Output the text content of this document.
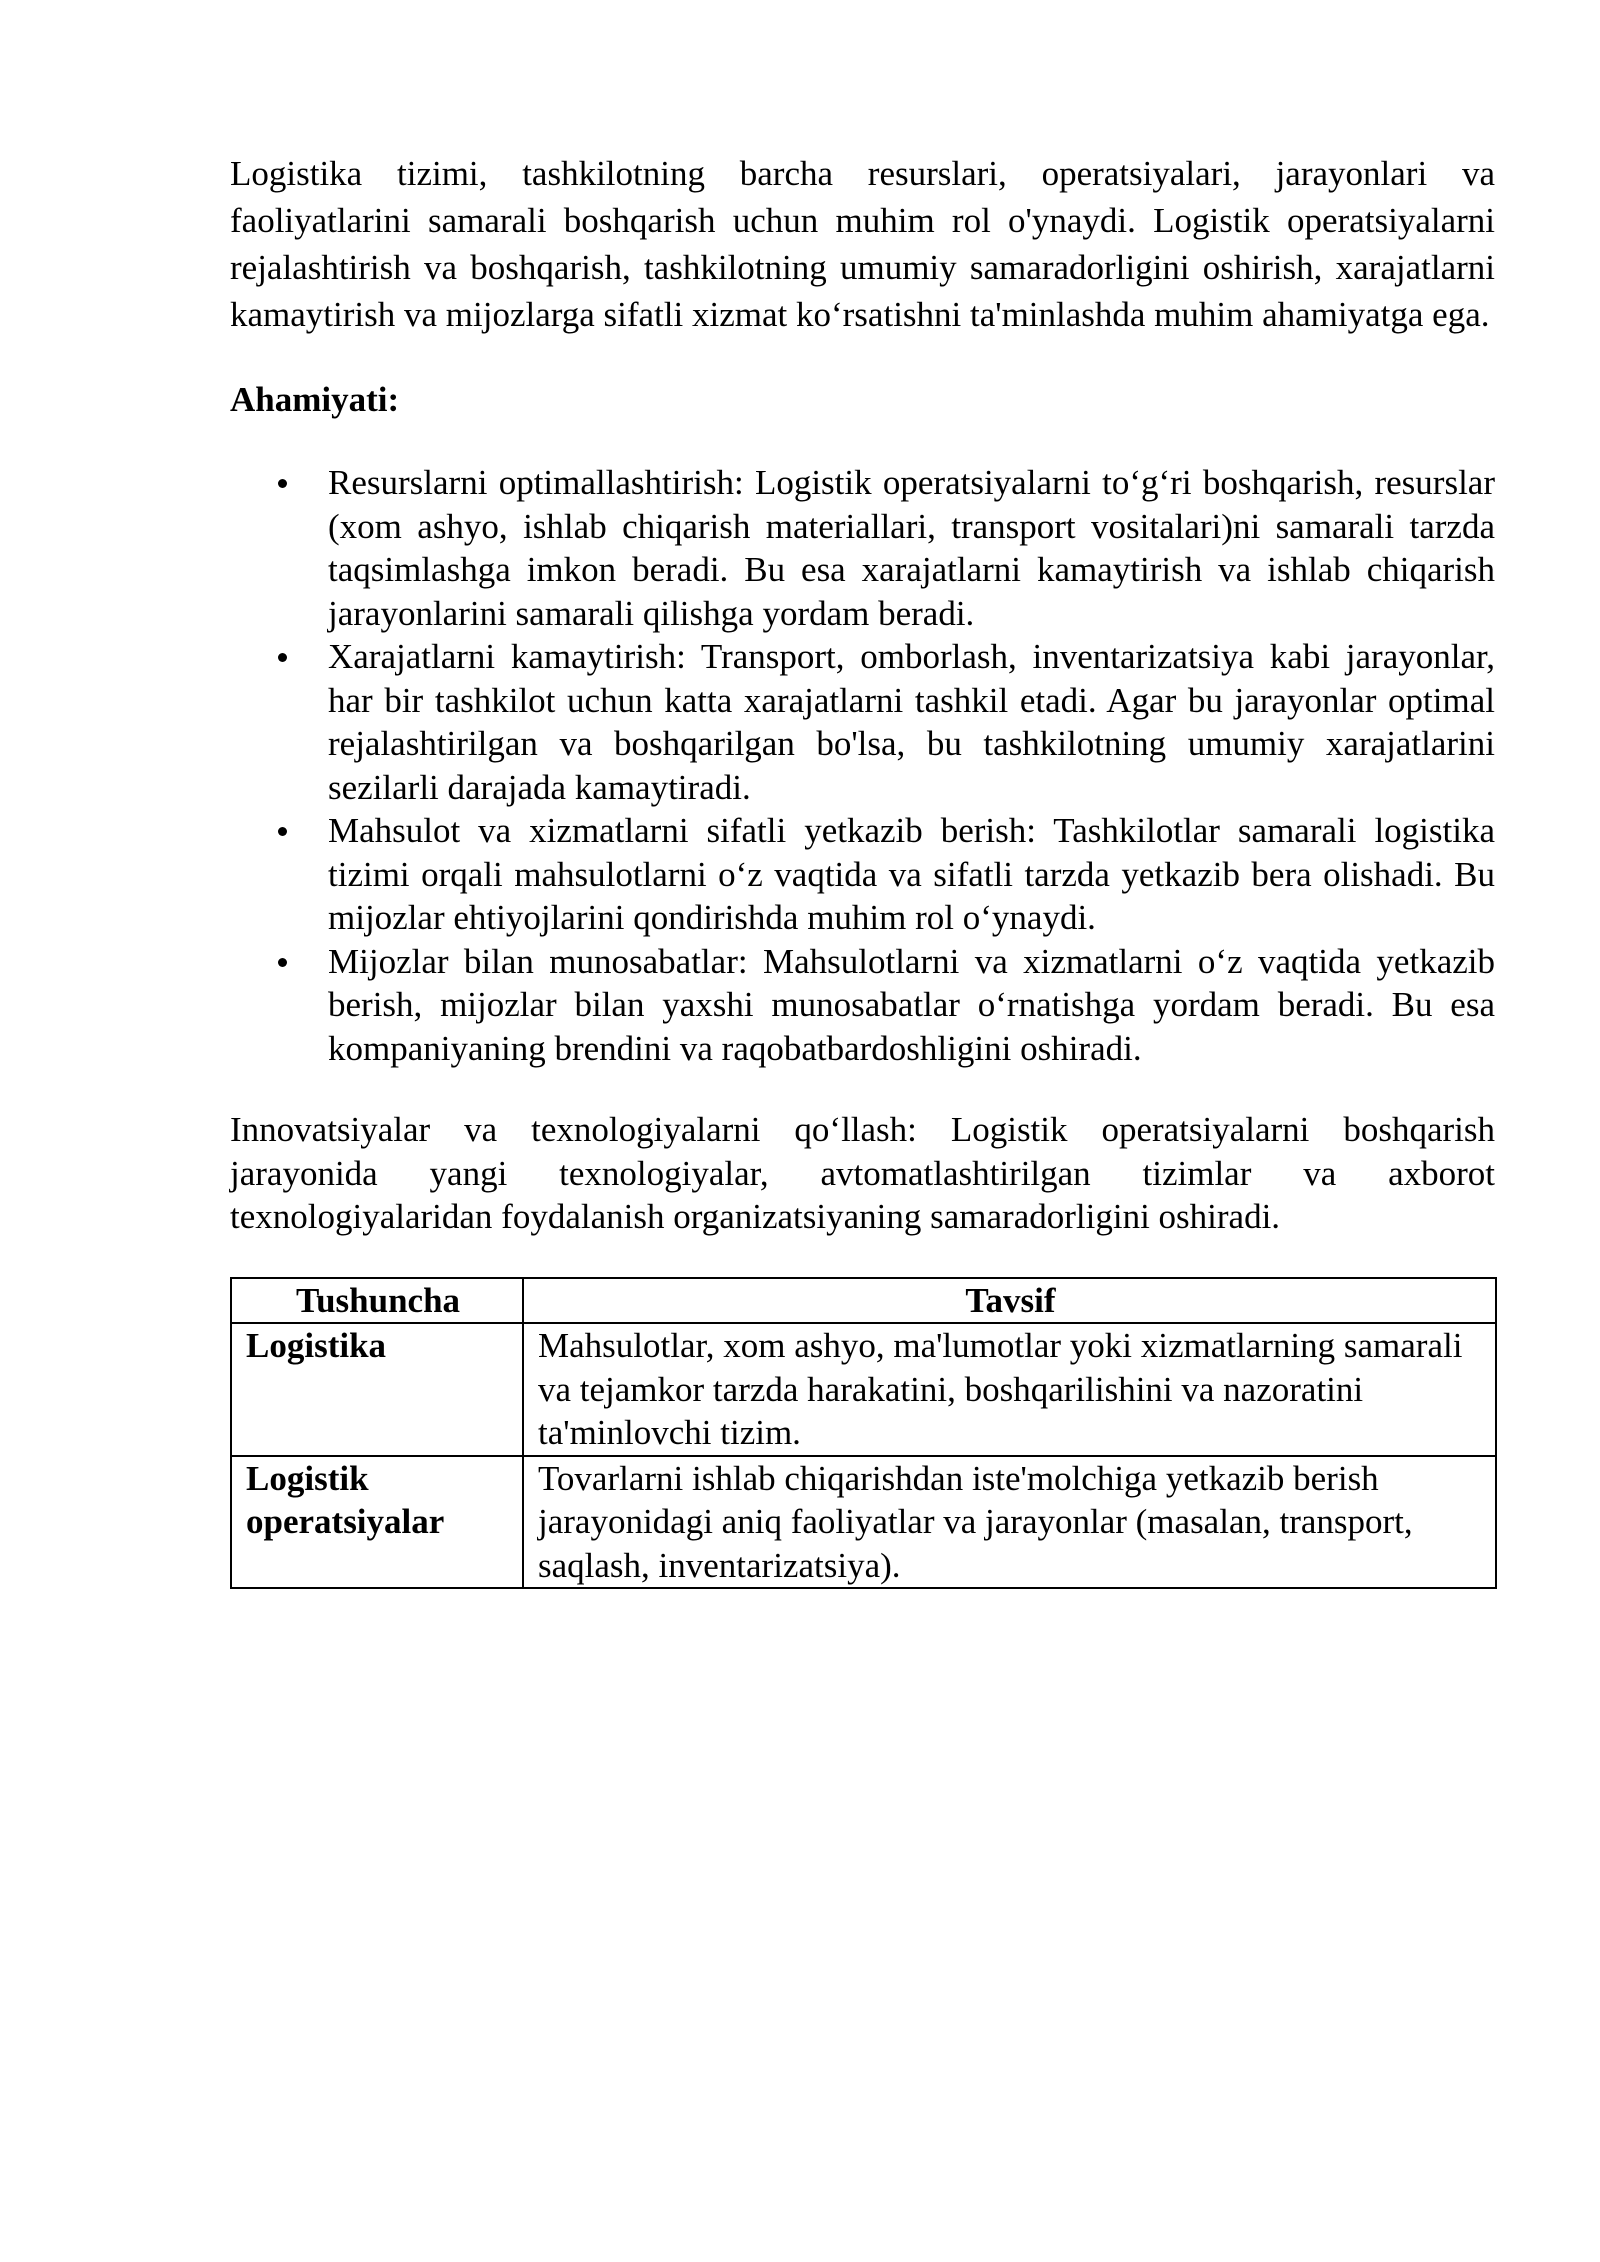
Logistika tizimi, tashkilotning barcha resurslari, operatsiyalari, jarayonlari va faoliyatlarini samarali boshqarish uchun muhim rol o'ynaydi. Logistik operatsiyalarni rejalashtirish va boshqarish, tashkilotning umumiy samaradorligini oshirish, xarajatlarni kamaytirish va mijozlarga sifatli xizmat koʻrsatishni ta'minlashda muhim ahamiyatga ega.

Ahamiyati:
Resurslarni optimallashtirish: Logistik operatsiyalarni toʻgʻri boshqarish, resurslar (xom ashyo, ishlab chiqarish materiallari, transport vositalari)ni samarali tarzda taqsimlashga imkon beradi. Bu esa xarajatlarni kamaytirish va ishlab chiqarish jarayonlarini samarali qilishga yordam beradi.
Xarajatlarni kamaytirish: Transport, omborlash, inventarizatsiya kabi jarayonlar, har bir tashkilot uchun katta xarajatlarni tashkil etadi. Agar bu jarayonlar optimal rejalashtirilgan va boshqarilgan bo'lsa, bu tashkilotning umumiy xarajatlarini sezilarli darajada kamaytiradi.
Mahsulot va xizmatlarni sifatli yetkazib berish: Tashkilotlar samarali logistika tizimi orqali mahsulotlarni oʻz vaqtida va sifatli tarzda yetkazib bera olishadi. Bu mijozlar ehtiyojlarini qondirishda muhim rol oʻynaydi.
Mijozlar bilan munosabatlar: Mahsulotlarni va xizmatlarni oʻz vaqtida yetkazib berish, mijozlar bilan yaxshi munosabatlar oʻrnatishga yordam beradi. Bu esa kompaniyaning brendini va raqobatbardoshligini oshiradi.

Innovatsiyalar va texnologiyalarni qoʻllash: Logistik operatsiyalarni boshqarish jarayonida yangi texnologiyalar, avtomatlashtirilgan tizimlar va axborot texnologiyalaridan foydalanish organizatsiyaning samaradorligini oshiradi.

Tushuncha	Tavsif
Logistika	Mahsulotlar, xom ashyo, ma'lumotlar yoki xizmatlarning samarali va tejamkor tarzda harakatini, boshqarilishini va nazoratini ta'minlovchi tizim.
Logistik operatsiyalar	Tovarlarni ishlab chiqarishdan iste'molchiga yetkazib berish jarayonidagi aniq faoliyatlar va jarayonlar (masalan, transport, saqlash, inventarizatsiya).
